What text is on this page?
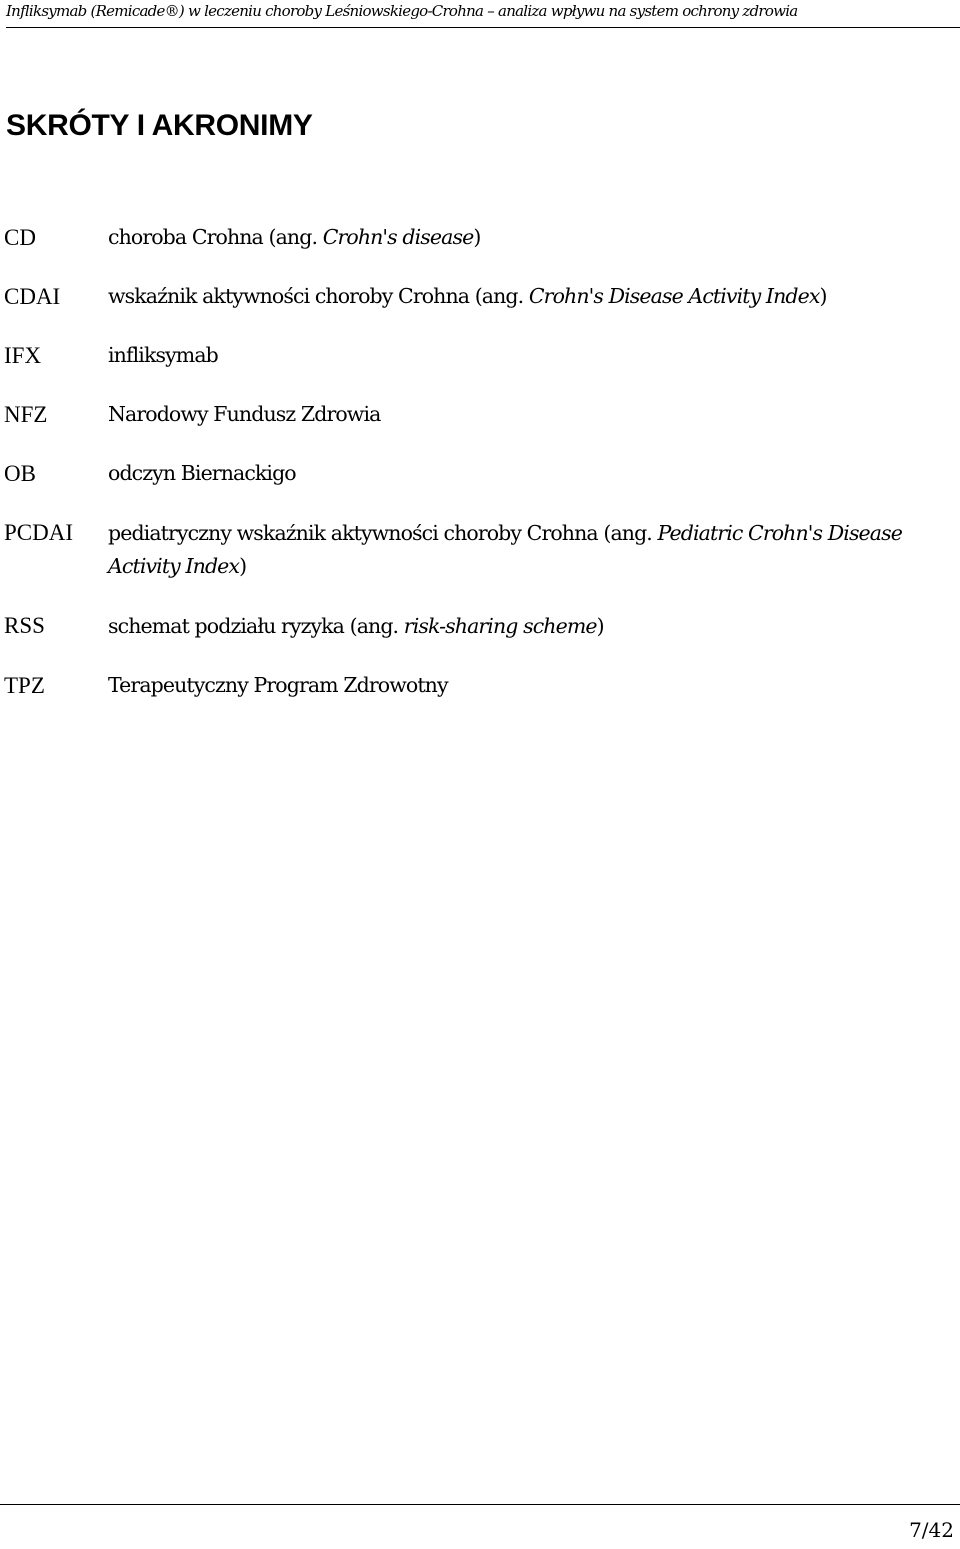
Infliksymab (Remicade®) w leczeniu choroby Leśniowskiego-Crohna – analiza wpływu na system ochrony zdrowia
SKRÓTY I AKRONIMY
CD	choroba Crohna (ang. Crohn's disease)
CDAI wskaźnik aktywności choroby Crohna (ang. Crohn's Disease Activity Index)
IFX	infliksymab
NFZ	Narodowy Fundusz Zdrowia
OB	odczyn Biernackigo
PCDAI pediatryczny wskaźnik aktywności choroby Crohna (ang. Pediatric Crohn's Disease Activity Index)
RSS	schemat podziału ryzyka (ang. risk-sharing scheme)
TPZ	Terapeutyczny Program Zdrowotny
7/42
